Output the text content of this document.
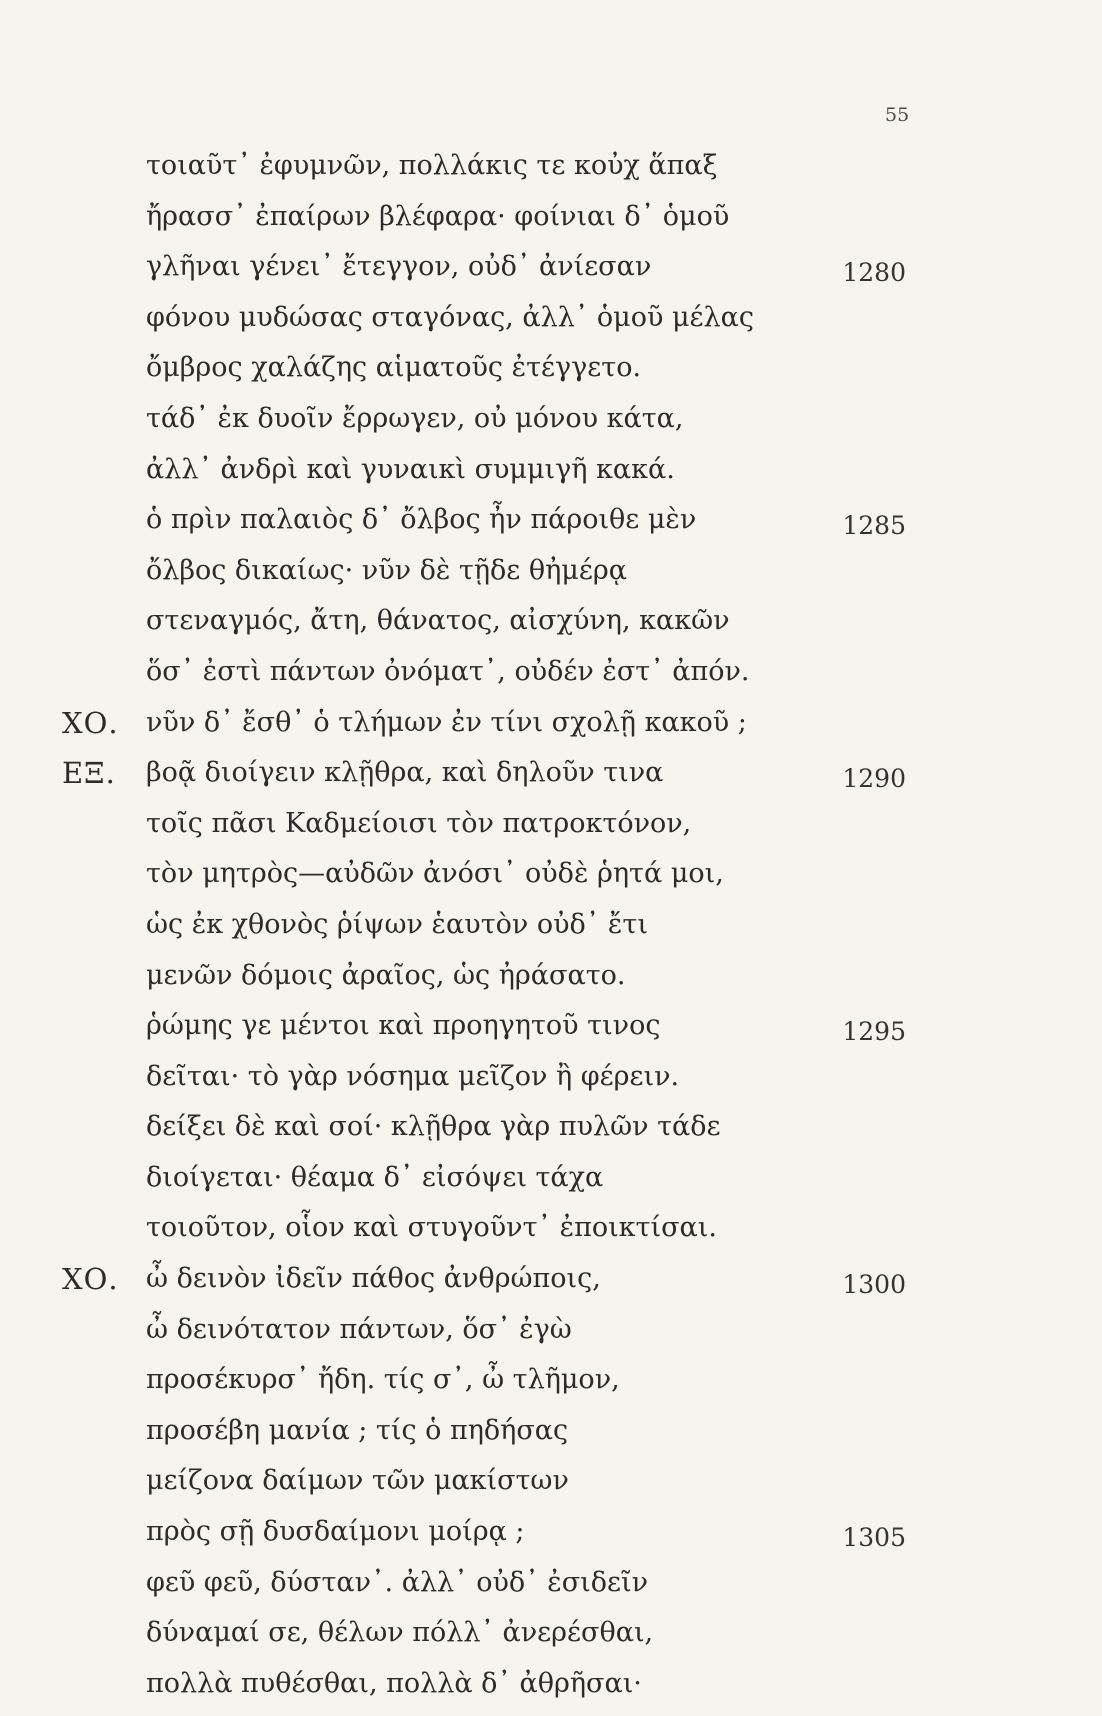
55
τοιαῦτ᾽ ἐφυμνῶν, πολλάκις τε κοὐχ ἅπαξ
ἤρασσ᾽ ἐπαίρων βλέφαρα· φοίνιαι δ᾽ ὁμοῦ
γλῆναι γένει᾽ ἔτεγγον, οὐδ᾽ ἀνίεσαν	1280
φόνου μυδώσας σταγόνας, ἀλλ᾽ ὁμοῦ μέλας
ὄμβρος χαλάζης αἱματοῦς ἐτέγγετο.
τάδ᾽ ἐκ δυοῖν ἔρρωγεν, οὐ μόνου κάτα,
ἀλλ᾽ ἀνδρὶ καὶ γυναικὶ συμμιγῆ κακά.
ὁ πρὶν παλαιὸς δ᾽ ὄλβος ἦν πάροιθε μὲν	1285
ὄλβος δικαίως· νῦν δὲ τῇδε θἠμέρᾳ
στεναγμός, ἄτη, θάνατος, αἰσχύνη, κακῶν
ὅσ᾽ ἐστὶ πάντων ὀνόματ᾽, οὐδέν ἐστ᾽ ἀπόν.
ΧΟ. νῦν δ᾽ ἔσθ᾽ ὁ τλήμων ἐν τίνι σχολῇ κακοῦ ;
ΕΞ. βοᾷ διοίγειν κλῇθρα, καὶ δηλοῦν τινα	1290
τοῖς πᾶσι Καδμείοισι τὸν πατροκτόνον,
τὸν μητρὸς—αὐδῶν ἀνόσι᾽ οὐδὲ ῥητά μοι,
ὡς ἐκ χθονὸς ῥίψων ἑαυτὸν οὐδ᾽ ἔτι
μενῶν δόμοις ἀραῖος, ὡς ἠράσατο.
ῥώμης γε μέντοι καὶ προηγητοῦ τινος	1295
δεῖται· τὸ γὰρ νόσημα μεῖζον ἢ φέρειν.
δείξει δὲ καὶ σοί· κλῇθρα γὰρ πυλῶν τάδε
διοίγεται· θέαμα δ᾽ εἰσόψει τάχα
τοιοῦτον, οἷον καὶ στυγοῦντ᾽ ἐποικτίσαι.
ΧΟ. ὦ δεινὸν ἰδεῖν πάθος ἀνθρώποις,	1300
ὦ δεινότατον πάντων, ὅσ᾽ ἐγὼ
προσέκυρσ᾽ ἤδη. τίς σ᾽, ὦ τλῆμον,
προσέβη μανία ; τίς ὁ πηδήσας
μείζονα δαίμων τῶν μακίστων
πρὸς σῇ δυσδαίμονι μοίρᾳ ;	1305
φεῦ φεῦ, δύσταν᾽. ἀλλ᾽ οὐδ᾽ ἐσιδεῖν
δύναμαί σε, θέλων πόλλ᾽ ἀνερέσθαι,
πολλὰ πυθέσθαι, πολλὰ δ᾽ ἀθρῆσαι·
